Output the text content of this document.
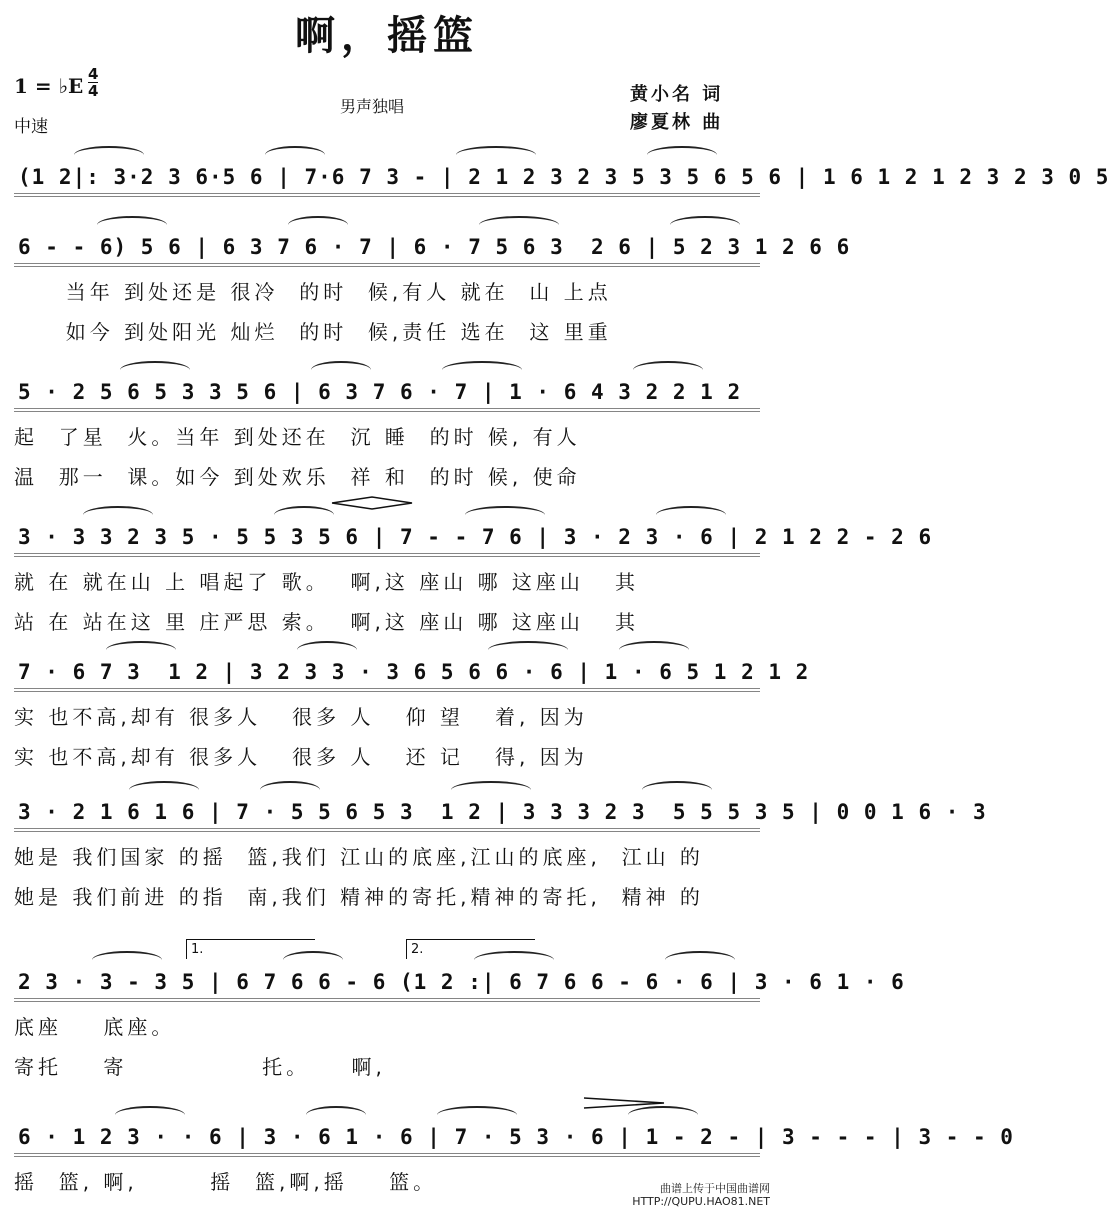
啊，摇篮
1 = ♭E 4
4
中速
男声独唱
黄小名 词
廖夏林 曲
(1 2|: 3·2 3 6·5 6 | 7·6 7 3 - | 2 1 2 3 2 3 5 3 5 6 5 6 | 1 6 1 2 1 2 3 2 3 0 5
6 - - 6) 5 6 | 6 3 7 6 · 7 | 6 · 7 5 6 3  2 6 | 5 2 3 1 2 6 6
当年 到处还是 很冷  的时  候,有人 就在  山 上点
如今 到处阳光 灿烂  的时  候,责任 选在  这 里重
5 · 2 5 6 5 3 3 5 6 | 6 3 7 6 · 7 | 1 · 6 4 3 2 2 1 2
起  了星  火。当年 到处还在  沉 睡  的时 候, 有人
温  那一  课。如今 到处欢乐  祥 和  的时 候, 使命
3 · 3 3 2 3 5 · 5 5 3 5 6 | 7 - - 7 6 | 3 · 2 3 · 6 | 2 1 2 2 - 2 6
就 在 就在山 上 唱起了 歌。  啊,这 座山 哪 这座山   其
站 在 站在这 里 庄严思 索。  啊,这 座山 哪 这座山   其
7 · 6 7 3  1 2 | 3 2 3 3 · 3 6 5 6 6 · 6 | 1 · 6 5 1 2 1 2
实 也不高,却有 很多人   很多 人   仰 望   着, 因为
实 也不高,却有 很多人   很多 人   还 记   得, 因为
3 · 2 1 6 1 6 | 7 · 5 5 6 5 3  1 2 | 3 3 3 2 3  5 5 5 3 5 | 0 0 1 6 · 3
她是 我们国家 的摇  篮,我们 江山的底座,江山的底座,  江山 的
她是 我们前进 的指  南,我们 精神的寄托,精神的寄托,  精神 的
2 3 · 3 - 3 5 | 6 7 6 6 - 6 (1 2 :| 6 7 6 6 - 6 · 6 | 3 · 6 1 · 6
底座    底座。
寄托    寄             托。    啊,
1.	2.
6 · 1 2 3 · · 6 | 3 · 6 1 · 6 | 7 · 5 3 · 6 | 1 - 2 - | 3 - - - | 3 - - 0
摇  篮, 啊,       摇  篮,啊,摇    篮。	曲谱上传于中国曲谱网
HTTP://QUPU.HAO81.NET
